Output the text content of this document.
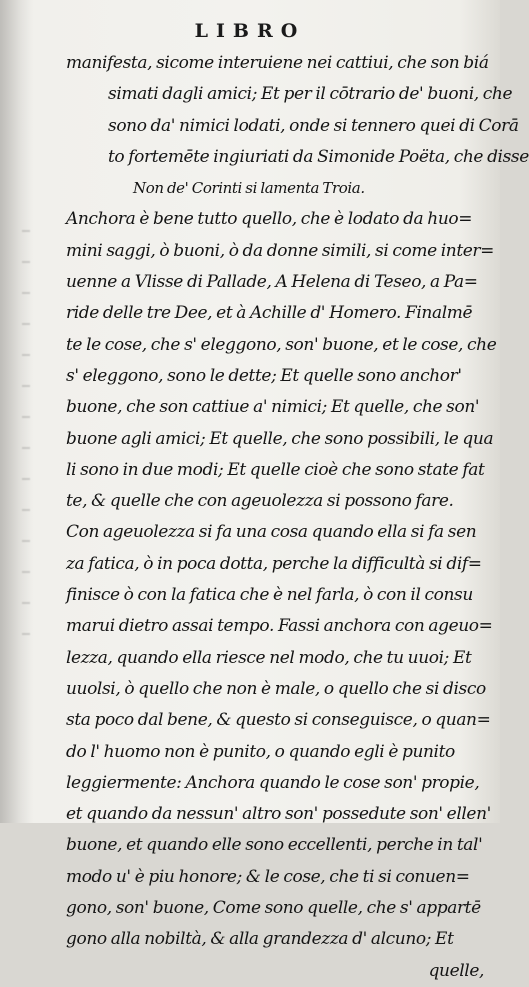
LIBRO
manifesta, sicome interuiene nei cattiui, che son biá
simati dagli amici; Et per il cōtrario de' buoni, che
sono da' nimici lodati, onde si tennero quei di Corā
to fortemēte ingiuriati da Simonide Poëta, che disse
Non de' Corinti si lamenta Troia.
Anchora è bene tutto quello, che è lodato da huo=
mini saggi, ò buoni, ò da donne simili, si come inter=
uenne a Vlisse di Pallade, A Helena di Teseo, a Pa=
ride delle tre Dee, et à Achille d' Homero. Finalmē
te le cose, che s' eleggono, son' buone, et le cose, che
s' eleggono, sono le dette; Et quelle sono anchor'
buone, che son cattiue a' nimici; Et quelle, che son'
buone agli amici; Et quelle, che sono possibili, le qua
li sono in due modi; Et quelle cioè che sono state fat
te, & quelle che con ageuolezza si possono fare.
Con ageuolezza si fa una cosa quando ella si fa sen
za fatica, ò in poca dotta, perche la difficultà si dif=
finisce ò con la fatica che è nel farla, ò con il consu
marui dietro assai tempo. Fassi anchora con ageuo=
lezza, quando ella riesce nel modo, che tu uuoi; Et
uuolsi, ò quello che non è male, o quello che si disco
sta poco dal bene, & questo si conseguisce, o quan=
do l' huomo non è punito, o quando egli è punito
leggiermente: Anchora quando le cose son' propie,
et quando da nessun' altro son' possedute son' ellen'
buone, et quando elle sono eccellenti, perche in tal'
modo u' è piu honore; & le cose, che ti si conuen=
gono, son' buone, Come sono quelle, che s' appartē
gono alla nobiltà, & alla grandezza d' alcuno; Et
quelle,
